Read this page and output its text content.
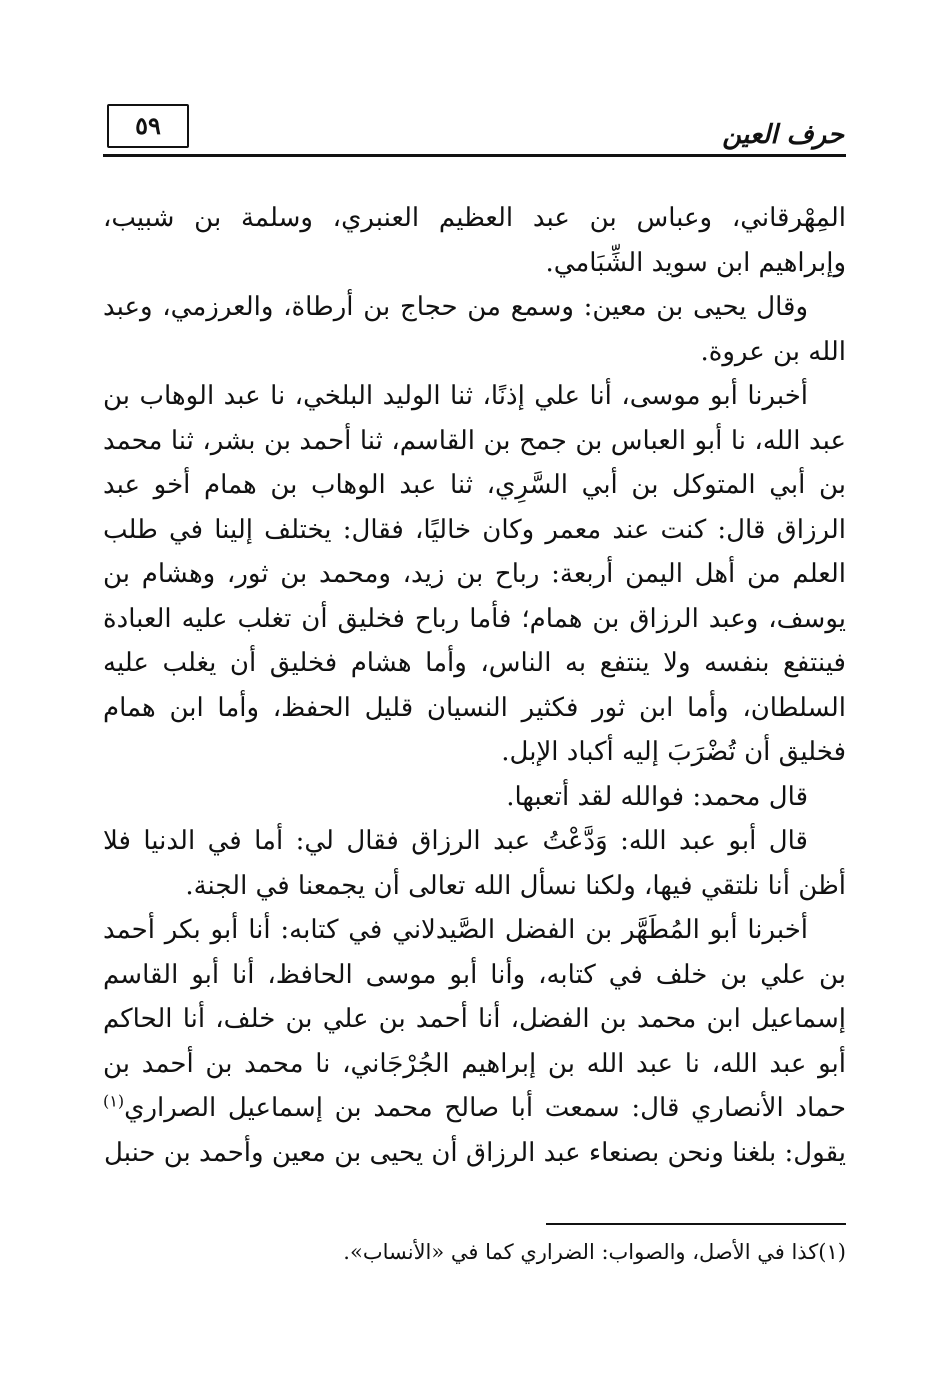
٥٩	حرف العين

المِهْرقاني، وعباس بن عبد العظيم العنبري، وسلمة بن شبيب، وإبراهيم ابن سويد الشِّبَامي.

وقال يحيى بن معين: وسمع من حجاج بن أرطاة، والعرزمي، وعبد الله بن عروة.

أخبرنا أبو موسى، أنا علي إذنًا، ثنا الوليد البلخي، نا عبد الوهاب بن عبد الله، نا أبو العباس بن جمح بن القاسم، ثنا أحمد بن بشر، ثنا محمد بن أبي المتوكل بن أبي السَّرِي، ثنا عبد الوهاب بن همام أخو عبد الرزاق قال: كنت عند معمر وكان خاليًا، فقال: يختلف إلينا في طلب العلم من أهل اليمن أربعة: رباح بن زيد، ومحمد بن ثور، وهشام بن يوسف، وعبد الرزاق بن همام؛ فأما رباح فخليق أن تغلب عليه العبادة فينتفع بنفسه ولا ينتفع به الناس، وأما هشام فخليق أن يغلب عليه السلطان، وأما ابن ثور فكثير النسيان قليل الحفظ، وأما ابن همام فخليق أن تُضْرَبَ إليه أكباد الإبل.

قال محمد: فوالله لقد أتعبها.

قال أبو عبد الله: وَدَّعْتُ عبد الرزاق فقال لي: أما في الدنيا فلا أظن أنا نلتقي فيها، ولكنا نسأل الله تعالى أن يجمعنا في الجنة.

أخبرنا أبو المُطَهَّر بن الفضل الصَّيدلاني في كتابه: أنا أبو بكر أحمد بن علي بن خلف في كتابه، وأنا أبو موسى الحافظ، أنا أبو القاسم إسماعيل ابن محمد بن الفضل، أنا أحمد بن علي بن خلف، أنا الحاكم أبو عبد الله، نا عبد الله بن إبراهيم الجُرْجَاني، نا محمد بن أحمد بن حماد الأنصاري قال: سمعت أبا صالح محمد بن إسماعيل الصراري$^{(١)}$ يقول: بلغنا ونحن بصنعاء عبد الرزاق أن يحيى بن معين وأحمد بن حنبل

(١)كذا في الأصل، والصواب: الضراري كما في «الأنساب».
